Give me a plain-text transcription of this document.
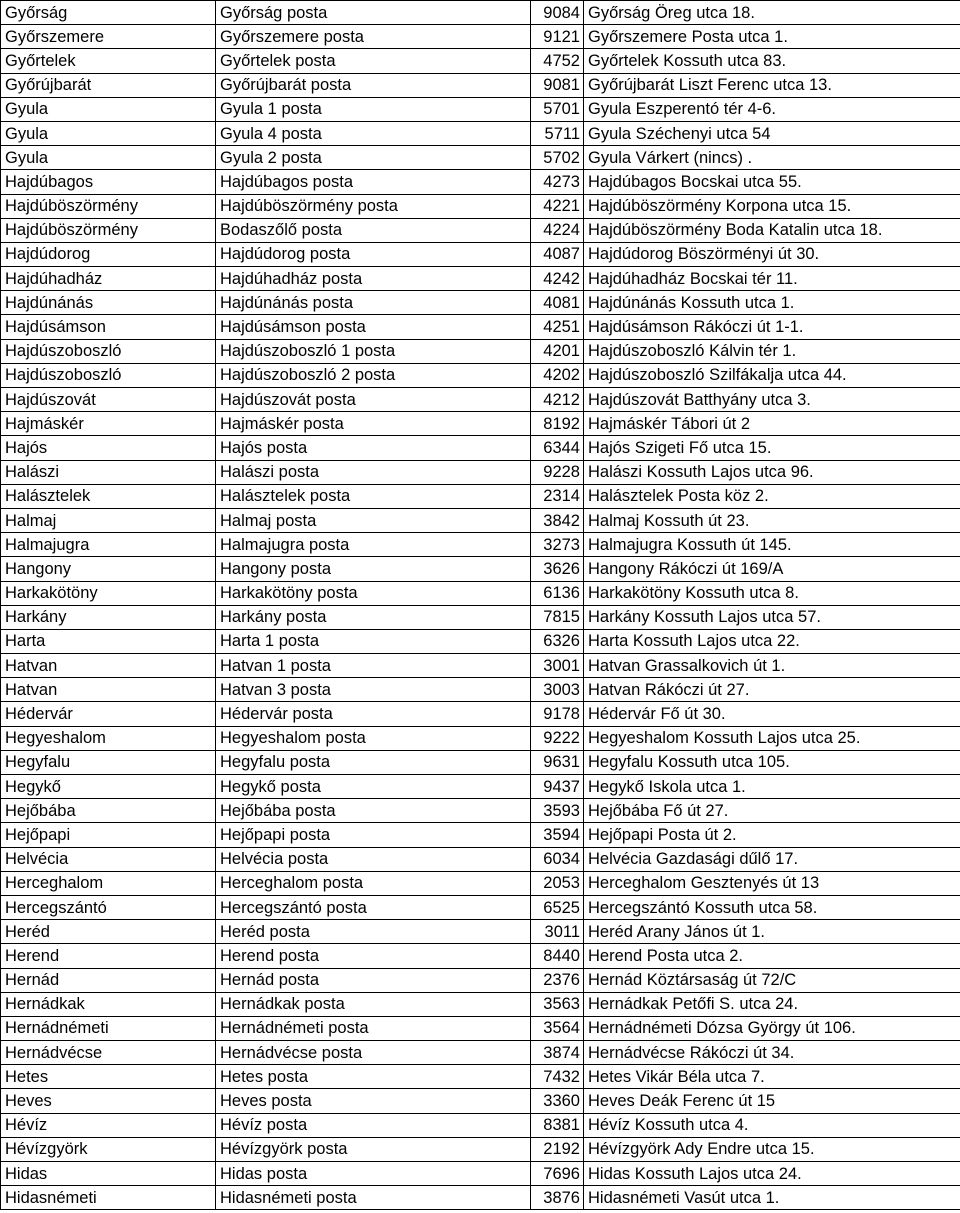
Győrság	Győrság posta	9084	Győrság Öreg utca 18.
Győrszemere	Győrszemere posta	9121	Győrszemere Posta utca 1.
Győrtelek	Győrtelek posta	4752	Győrtelek Kossuth utca 83.
Győrújbarát	Győrújbarát posta	9081	Győrújbarát Liszt Ferenc utca 13.
Gyula	Gyula 1 posta	5701	Gyula Eszperentó tér 4-6.
Gyula	Gyula 4 posta	5711	Gyula Széchenyi utca 54
Gyula	Gyula 2 posta	5702	Gyula Várkert (nincs) .
Hajdúbagos	Hajdúbagos posta	4273	Hajdúbagos Bocskai utca 55.
Hajdúböszörmény	Hajdúböszörmény posta	4221	Hajdúböszörmény Korpona utca 15.
Hajdúböszörmény	Bodaszőlő posta	4224	Hajdúböszörmény Boda Katalin utca 18.
Hajdúdorog	Hajdúdorog posta	4087	Hajdúdorog Böszörményi út 30.
Hajdúhadház	Hajdúhadház posta	4242	Hajdúhadház Bocskai tér 11.
Hajdúnánás	Hajdúnánás posta	4081	Hajdúnánás Kossuth utca 1.
Hajdúsámson	Hajdúsámson posta	4251	Hajdúsámson Rákóczi út 1-1.
Hajdúszoboszló	Hajdúszoboszló 1 posta	4201	Hajdúszoboszló Kálvin tér 1.
Hajdúszoboszló	Hajdúszoboszló 2 posta	4202	Hajdúszoboszló Szilfákalja utca 44.
Hajdúszovát	Hajdúszovát posta	4212	Hajdúszovát Batthyány utca 3.
Hajmáskér	Hajmáskér posta	8192	Hajmáskér Tábori út 2
Hajós	Hajós posta	6344	Hajós Szigeti Fő utca 15.
Halászi	Halászi posta	9228	Halászi Kossuth Lajos utca 96.
Halásztelek	Halásztelek posta	2314	Halásztelek Posta köz 2.
Halmaj	Halmaj posta	3842	Halmaj Kossuth út 23.
Halmajugra	Halmajugra posta	3273	Halmajugra Kossuth út 145.
Hangony	Hangony posta	3626	Hangony Rákóczi út 169/A
Harkakötöny	Harkakötöny posta	6136	Harkakötöny Kossuth utca 8.
Harkány	Harkány posta	7815	Harkány Kossuth Lajos utca 57.
Harta	Harta 1 posta	6326	Harta Kossuth Lajos utca 22.
Hatvan	Hatvan 1 posta	3001	Hatvan Grassalkovich út 1.
Hatvan	Hatvan 3 posta	3003	Hatvan Rákóczi út 27.
Hédervár	Hédervár posta	9178	Hédervár Fő út 30.
Hegyeshalom	Hegyeshalom posta	9222	Hegyeshalom Kossuth Lajos utca 25.
Hegyfalu	Hegyfalu posta	9631	Hegyfalu Kossuth utca 105.
Hegykő	Hegykő posta	9437	Hegykő Iskola utca 1.
Hejőbába	Hejőbába posta	3593	Hejőbába Fő út 27.
Hejőpapi	Hejőpapi posta	3594	Hejőpapi Posta út 2.
Helvécia	Helvécia posta	6034	Helvécia Gazdasági dűlő 17.
Herceghalom	Herceghalom posta	2053	Herceghalom Gesztenyés út 13
Hercegszántó	Hercegszántó posta	6525	Hercegszántó Kossuth utca 58.
Heréd	Heréd posta	3011	Heréd Arany János út 1.
Herend	Herend posta	8440	Herend Posta utca 2.
Hernád	Hernád posta	2376	Hernád Köztársaság út 72/C
Hernádkak	Hernádkak posta	3563	Hernádkak Petőfi S. utca 24.
Hernádnémeti	Hernádnémeti posta	3564	Hernádnémeti Dózsa György út 106.
Hernádvécse	Hernádvécse posta	3874	Hernádvécse Rákóczi út 34.
Hetes	Hetes posta	7432	Hetes Vikár Béla utca 7.
Heves	Heves posta	3360	Heves Deák Ferenc út 15
Hévíz	Hévíz posta	8381	Hévíz Kossuth utca 4.
Hévízgyörk	Hévízgyörk posta	2192	Hévízgyörk Ady Endre utca 15.
Hidas	Hidas posta	7696	Hidas Kossuth Lajos utca 24.
Hidasnémeti	Hidasnémeti posta	3876	Hidasnémeti Vasút utca 1.
